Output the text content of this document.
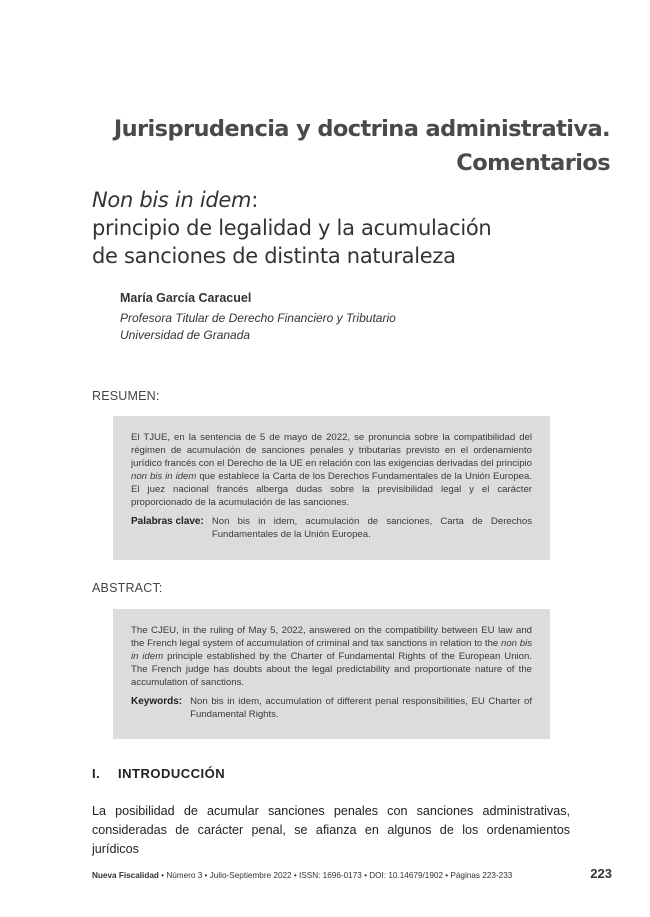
Jurisprudencia y doctrina administrativa.
Comentarios
Non bis in idem:
principio de legalidad y la acumulación
de sanciones de distinta naturaleza
María García Caracuel
Profesora Titular de Derecho Financiero y Tributario
Universidad de Granada
RESUMEN:

El TJUE, en la sentencia de 5 de mayo de 2022, se pronuncia sobre la compatibilidad del régimen de acumulación de sanciones penales y tributarias previsto en el ordenamiento jurídico francés con el Derecho de la UE en relación con las exigencias derivadas del principio non bis in idem que establece la Carta de los Derechos Fundamentales de la Unión Europea. El juez nacional francés alberga dudas sobre la previsibilidad legal y el carácter proporcionado de la acumulación de las sanciones.

Palabras clave: Non bis in idem, acumulación de sanciones, Carta de Derechos Fundamentales de la Unión Europea.
ABSTRACT:

The CJEU, in the ruling of May 5, 2022, answered on the compatibility between EU law and the French legal system of accumulation of criminal and tax sanctions in relation to the non bis in idem principle established by the Charter of Fundamental Rights of the European Union. The French judge has doubts about the legal predictability and proportionate nature of the accumulation of sanctions.

Keywords: Non bis in idem, accumulation of different penal responsibilities, EU Charter of Fundamental Rights.
I. INTRODUCCIÓN
La posibilidad de acumular sanciones penales con sanciones administrativas, consideradas de carácter penal, se afianza en algunos de los ordenamientos jurídicos
Nueva Fiscalidad • Número 3 • Julio-Septiembre 2022 • ISSN: 1696-0173 • DOI: 10.14679/1902 • Páginas 223-233	223
